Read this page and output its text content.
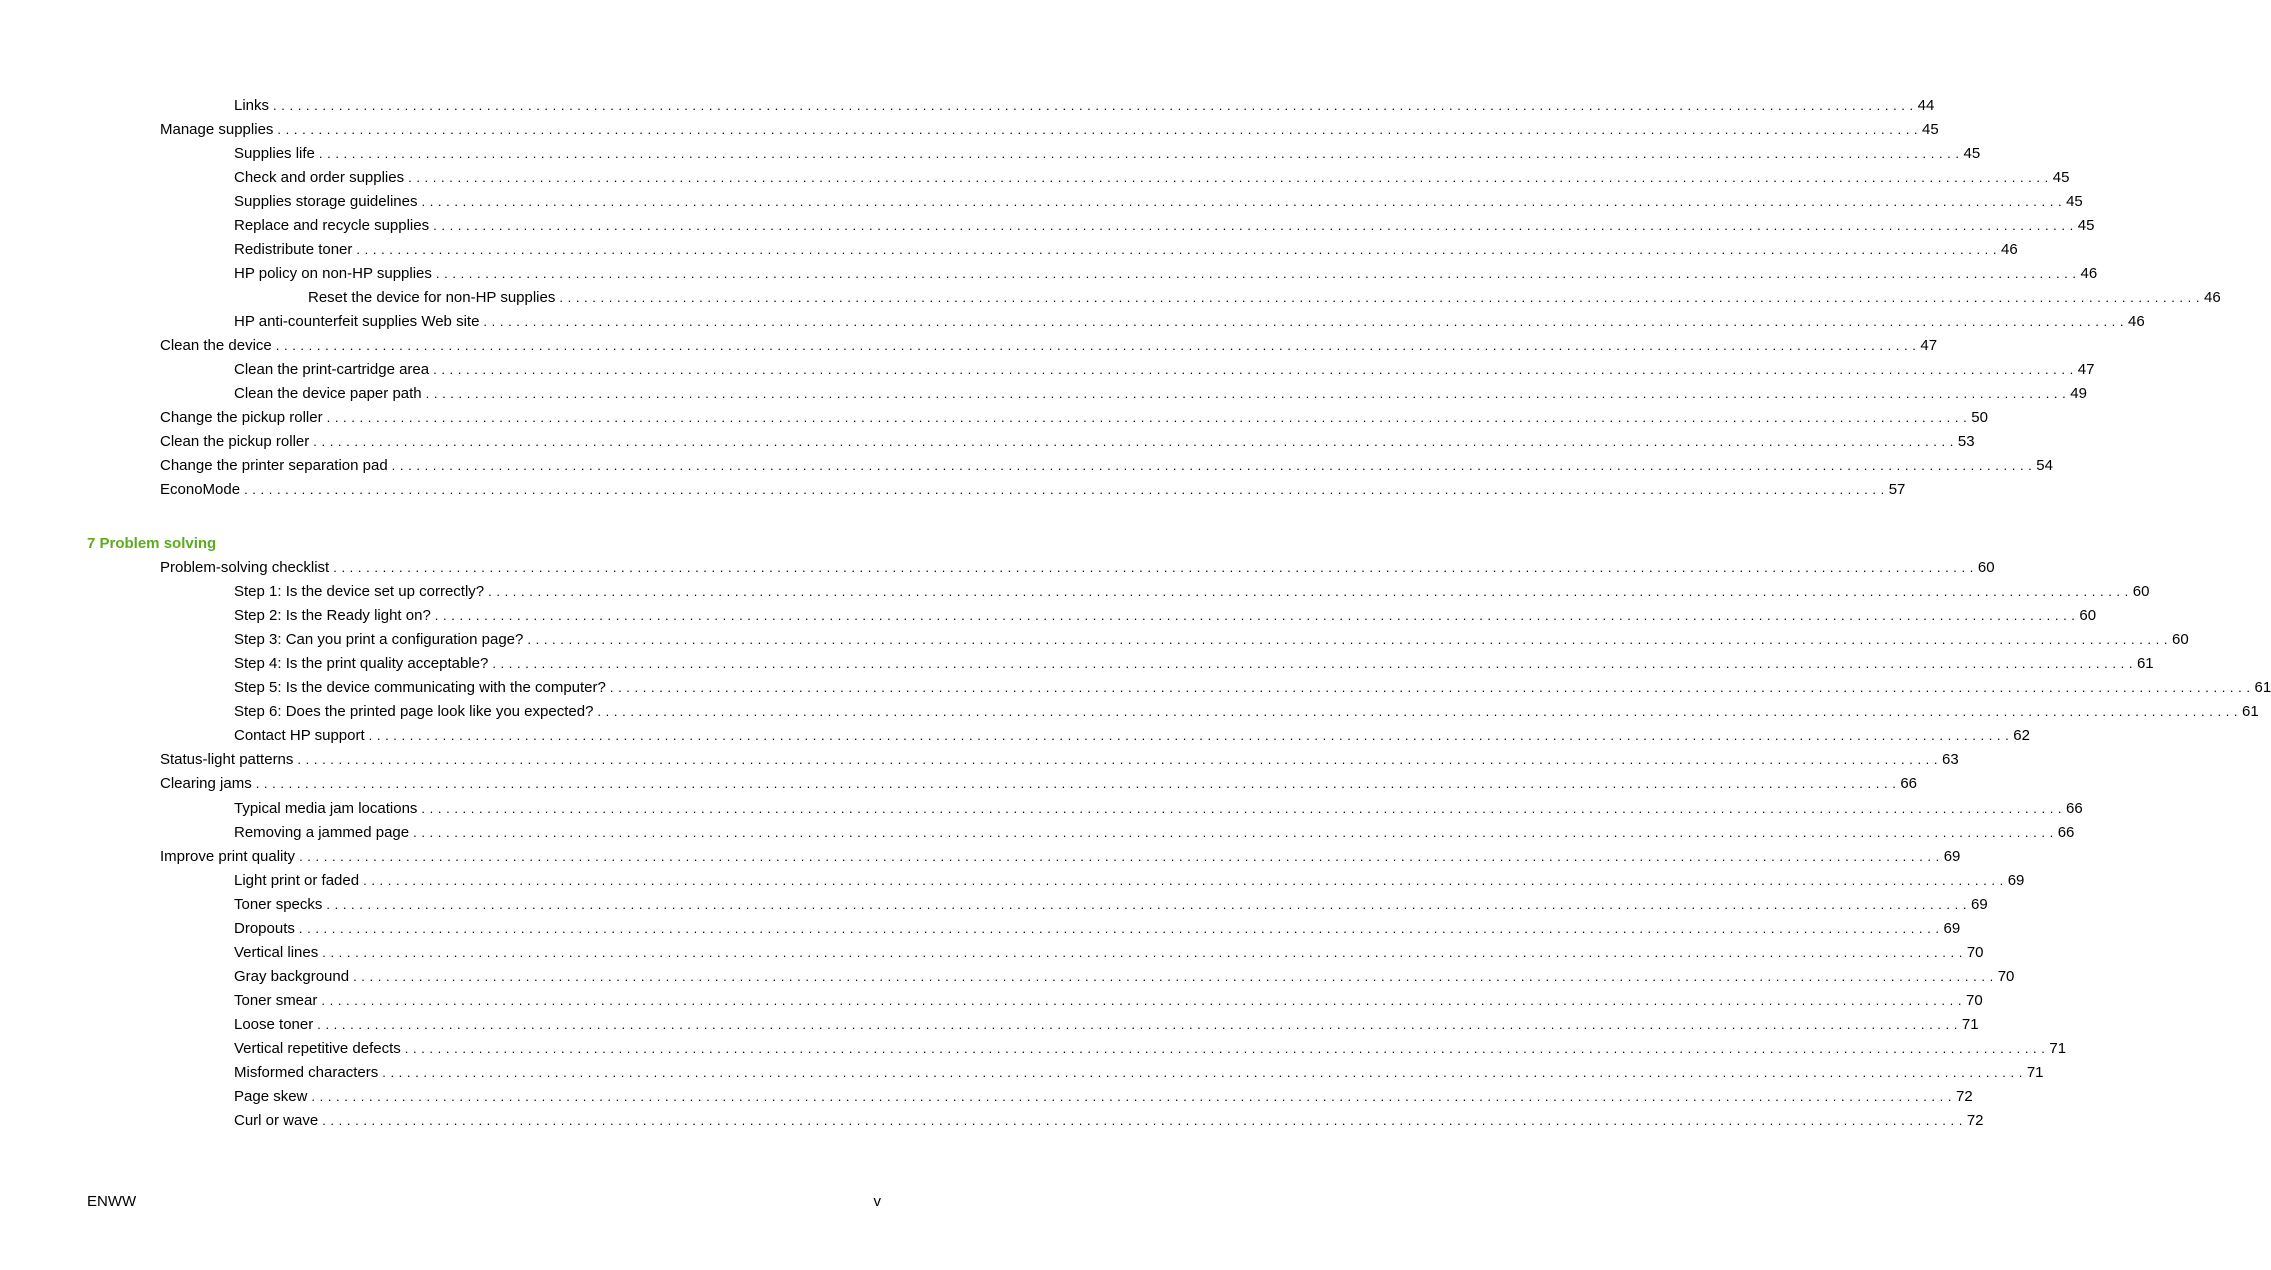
Links . . . . . . . . . . . . . . . . . . . . . . . . . . . . . . . . . . . . . . . . . . . . . . . . . . . . . . . . . . . . . . . . . . . . . . . . . . . . . . . . . . . . . . . . . . . . . . . . . . . . . . . . . . . . . . . . . . . . . . . . . . . . . . . . . . . . . . . . . . . . . . . . . . . . . . . . . . . . . . . . . . . . . . . . . . . . . . . . . . . . . . . . . . . . . . . . . . . . . . . . 44
Manage supplies . . . . . . . . . . . . . . . . . . . . . . . . . . . . . . . . . . . . . . . . . . . . . . . . . . . . . . . . . . . . . . . . . . . . . . . . . . . . . . . . . . . . . . . . . . . . . . . . . . . . . . . . . . . . . . . . . . . . . . . . . . . . . . . . . . . . . . . . . . . . . . . . . . . . . . . . . . . . . . . . . . . . . . . . . . . . . . . . . . . . . . . . . . . . . . . . . . . . . . . . 45
Supplies life . . . . . . . . . . . . . . . . . . . . . . . . . . . . . . . . . . . . . . . . . . . . . . . . . . . . . . . . . . . . . . . . . . . . . . . . . . . . . . . . . . . . . . . . . . . . . . . . . . . . . . . . . . . . . . . . . . . . . . . . . . . . . . . . . . . . . . . . . . . . . . . . . . . . . . . . . . . . . . . . . . . . . . . . . . . . . . . . . . . . . . . . . . . . . . . . . . . . . . . . 45
Check and order supplies . . . . . . . . . . . . . . . . . . . . . . . . . . . . . . . . . . . . . . . . . . . . . . . . . . . . . . . . . . . . . . . . . . . . . . . . . . . . . . . . . . . . . . . . . . . . . . . . . . . . . . . . . . . . . . . . . . . . . . . . . . . . . . . . . . . . . . . . . . . . . . . . . . . . . . . . . . . . . . . . . . . . . . . . . . . . . . . . . . . . . . . . . . . . . . . . . . . . . . . . 45
Supplies storage guidelines . . . . . . . . . . . . . . . . . . . . . . . . . . . . . . . . . . . . . . . . . . . . . . . . . . . . . . . . . . . . . . . . . . . . . . . . . . . . . . . . . . . . . . . . . . . . . . . . . . . . . . . . . . . . . . . . . . . . . . . . . . . . . . . . . . . . . . . . . . . . . . . . . . . . . . . . . . . . . . . . . . . . . . . . . . . . . . . . . . . . . . . . . . . . . . . . . . . . . . . . 45
Replace and recycle supplies . . . . . . . . . . . . . . . . . . . . . . . . . . . . . . . . . . . . . . . . . . . . . . . . . . . . . . . . . . . . . . . . . . . . . . . . . . . . . . . . . . . . . . . . . . . . . . . . . . . . . . . . . . . . . . . . . . . . . . . . . . . . . . . . . . . . . . . . . . . . . . . . . . . . . . . . . . . . . . . . . . . . . . . . . . . . . . . . . . . . . . . . . . . . . . . . . . . . . . . . 45
Redistribute toner . . . . . . . . . . . . . . . . . . . . . . . . . . . . . . . . . . . . . . . . . . . . . . . . . . . . . . . . . . . . . . . . . . . . . . . . . . . . . . . . . . . . . . . . . . . . . . . . . . . . . . . . . . . . . . . . . . . . . . . . . . . . . . . . . . . . . . . . . . . . . . . . . . . . . . . . . . . . . . . . . . . . . . . . . . . . . . . . . . . . . . . . . . . . . . . . . . . . . . . . 46
HP policy on non-HP supplies . . . . . . . . . . . . . . . . . . . . . . . . . . . . . . . . . . . . . . . . . . . . . . . . . . . . . . . . . . . . . . . . . . . . . . . . . . . . . . . . . . . . . . . . . . . . . . . . . . . . . . . . . . . . . . . . . . . . . . . . . . . . . . . . . . . . . . . . . . . . . . . . . . . . . . . . . . . . . . . . . . . . . . . . . . . . . . . . . . . . . . . . . . . . . . . . . . . . . . . . 46
Reset the device for non-HP supplies . . . . . . . . . . . . . . . . . . . . . . . . . . . . . . . . . . . . . . . . . . . . . . . . . . . . . . . . . . . . . . . . . . . . . . . . . . . . . . . . . . . . . . . . . . . . . . . . . . . . . . . . . . . . . . . . . . . . . . . . . . . . . . . . . . . . . . . . . . . . . . . . . . . . . . . . . . . . . . . . . . . . . . . . . . . . . . . . . . . . . . . . . . . . . . . . . . . . . . . . 46
HP anti-counterfeit supplies Web site . . . . . . . . . . . . . . . . . . . . . . . . . . . . . . . . . . . . . . . . . . . . . . . . . . . . . . . . . . . . . . . . . . . . . . . . . . . . . . . . . . . . . . . . . . . . . . . . . . . . . . . . . . . . . . . . . . . . . . . . . . . . . . . . . . . . . . . . . . . . . . . . . . . . . . . . . . . . . . . . . . . . . . . . . . . . . . . . . . . . . . . . . . . . . . . . . . . . . . . . 46
Clean the device . . . . . . . . . . . . . . . . . . . . . . . . . . . . . . . . . . . . . . . . . . . . . . . . . . . . . . . . . . . . . . . . . . . . . . . . . . . . . . . . . . . . . . . . . . . . . . . . . . . . . . . . . . . . . . . . . . . . . . . . . . . . . . . . . . . . . . . . . . . . . . . . . . . . . . . . . . . . . . . . . . . . . . . . . . . . . . . . . . . . . . . . . . . . . . . . . . . . . . . . 47
Clean the print-cartridge area . . . . . . . . . . . . . . . . . . . . . . . . . . . . . . . . . . . . . . . . . . . . . . . . . . . . . . . . . . . . . . . . . . . . . . . . . . . . . . . . . . . . . . . . . . . . . . . . . . . . . . . . . . . . . . . . . . . . . . . . . . . . . . . . . . . . . . . . . . . . . . . . . . . . . . . . . . . . . . . . . . . . . . . . . . . . . . . . . . . . . . . . . . . . . . . . . . . . . . . . 47
Clean the device paper path . . . . . . . . . . . . . . . . . . . . . . . . . . . . . . . . . . . . . . . . . . . . . . . . . . . . . . . . . . . . . . . . . . . . . . . . . . . . . . . . . . . . . . . . . . . . . . . . . . . . . . . . . . . . . . . . . . . . . . . . . . . . . . . . . . . . . . . . . . . . . . . . . . . . . . . . . . . . . . . . . . . . . . . . . . . . . . . . . . . . . . . . . . . . . . . . . . . . . . . . 49
Change the pickup roller . . . . . . . . . . . . . . . . . . . . . . . . . . . . . . . . . . . . . . . . . . . . . . . . . . . . . . . . . . . . . . . . . . . . . . . . . . . . . . . . . . . . . . . . . . . . . . . . . . . . . . . . . . . . . . . . . . . . . . . . . . . . . . . . . . . . . . . . . . . . . . . . . . . . . . . . . . . . . . . . . . . . . . . . . . . . . . . . . . . . . . . . . . . . . . . . . . . . . . . . 50
Clean the pickup roller . . . . . . . . . . . . . . . . . . . . . . . . . . . . . . . . . . . . . . . . . . . . . . . . . . . . . . . . . . . . . . . . . . . . . . . . . . . . . . . . . . . . . . . . . . . . . . . . . . . . . . . . . . . . . . . . . . . . . . . . . . . . . . . . . . . . . . . . . . . . . . . . . . . . . . . . . . . . . . . . . . . . . . . . . . . . . . . . . . . . . . . . . . . . . . . . . . . . . . . . 53
Change the printer separation pad . . . . . . . . . . . . . . . . . . . . . . . . . . . . . . . . . . . . . . . . . . . . . . . . . . . . . . . . . . . . . . . . . . . . . . . . . . . . . . . . . . . . . . . . . . . . . . . . . . . . . . . . . . . . . . . . . . . . . . . . . . . . . . . . . . . . . . . . . . . . . . . . . . . . . . . . . . . . . . . . . . . . . . . . . . . . . . . . . . . . . . . . . . . . . . . . . . . . . . . . 54
EconoMode . . . . . . . . . . . . . . . . . . . . . . . . . . . . . . . . . . . . . . . . . . . . . . . . . . . . . . . . . . . . . . . . . . . . . . . . . . . . . . . . . . . . . . . . . . . . . . . . . . . . . . . . . . . . . . . . . . . . . . . . . . . . . . . . . . . . . . . . . . . . . . . . . . . . . . . . . . . . . . . . . . . . . . . . . . . . . . . . . . . . . . . . . . . . . . . . . . . . . . . . 57
7 Problem solving
Problem-solving checklist . . . . . . . . . . . . . . . . . . . . . . . . . . . . . . . . . . . . . . . . . . . . . . . . . . . . . . . . . . . . . . . . . . . . . . . . . . . . . . . . . . . . . . . . . . . . . . . . . . . . . . . . . . . . . . . . . . . . . . . . . . . . . . . . . . . . . . . . . . . . . . . . . . . . . . . . . . . . . . . . . . . . . . . . . . . . . . . . . . . . . . . . . . . . . . . . . . . . . . . . 60
Step 1: Is the device set up correctly? . . . . . . . . . . . . . . . . . . . . . . . . . . . . . . . . . . . . . . . . . . . . . . . . . . . . . . . . . . . . . . . . . . . . . . . . . . . . . . . . . . . . . . . . . . . . . . . . . . . . . . . . . . . . . . . . . . . . . . . . . . . . . . . . . . . . . . . . . . . . . . . . . . . . . . . . . . . . . . . . . . . . . . . . . . . . . . . . . . . . . . . . . . . . . . . . . . . . . . . . 60
Step 2: Is the Ready light on? . . . . . . . . . . . . . . . . . . . . . . . . . . . . . . . . . . . . . . . . . . . . . . . . . . . . . . . . . . . . . . . . . . . . . . . . . . . . . . . . . . . . . . . . . . . . . . . . . . . . . . . . . . . . . . . . . . . . . . . . . . . . . . . . . . . . . . . . . . . . . . . . . . . . . . . . . . . . . . . . . . . . . . . . . . . . . . . . . . . . . . . . . . . . . . . . . . . . . . . . 60
Step 3: Can you print a configuration page? . . . . . . . . . . . . . . . . . . . . . . . . . . . . . . . . . . . . . . . . . . . . . . . . . . . . . . . . . . . . . . . . . . . . . . . . . . . . . . . . . . . . . . . . . . . . . . . . . . . . . . . . . . . . . . . . . . . . . . . . . . . . . . . . . . . . . . . . . . . . . . . . . . . . . . . . . . . . . . . . . . . . . . . . . . . . . . . . . . . . . . . . . . . . . . . . . . . . . . . . 60
Step 4: Is the print quality acceptable? . . . . . . . . . . . . . . . . . . . . . . . . . . . . . . . . . . . . . . . . . . . . . . . . . . . . . . . . . . . . . . . . . . . . . . . . . . . . . . . . . . . . . . . . . . . . . . . . . . . . . . . . . . . . . . . . . . . . . . . . . . . . . . . . . . . . . . . . . . . . . . . . . . . . . . . . . . . . . . . . . . . . . . . . . . . . . . . . . . . . . . . . . . . . . . . . . . . . . . . . 61
Step 5: Is the device communicating with the computer? . . . . . . . . . . . . . . . . . . . . . . . . . . . . . . . . . . . . . . . . . . . . . . . . . . . . . . . . . . . . . . . . . . . . . . . . . . . . . . . . . . . . . . . . . . . . . . . . . . . . . . . . . . . . . . . . . . . . . . . . . . . . . . . . . . . . . . . . . . . . . . . . . . . . . . . . . . . . . . . . . . . . . . . . . . . . . . . . . . . . . . . . . . . . . . . . . . . . . . . . 61
Step 6: Does the printed page look like you expected? . . . . . . . . . . . . . . . . . . . . . . . . . . . . . . . . . . . . . . . . . . . . . . . . . . . . . . . . . . . . . . . . . . . . . . . . . . . . . . . . . . . . . . . . . . . . . . . . . . . . . . . . . . . . . . . . . . . . . . . . . . . . . . . . . . . . . . . . . . . . . . . . . . . . . . . . . . . . . . . . . . . . . . . . . . . . . . . . . . . . . . . . . . . . . . . . . . . . . . . . 61
Contact HP support . . . . . . . . . . . . . . . . . . . . . . . . . . . . . . . . . . . . . . . . . . . . . . . . . . . . . . . . . . . . . . . . . . . . . . . . . . . . . . . . . . . . . . . . . . . . . . . . . . . . . . . . . . . . . . . . . . . . . . . . . . . . . . . . . . . . . . . . . . . . . . . . . . . . . . . . . . . . . . . . . . . . . . . . . . . . . . . . . . . . . . . . . . . . . . . . . . . . . . . . 62
Status-light patterns . . . . . . . . . . . . . . . . . . . . . . . . . . . . . . . . . . . . . . . . . . . . . . . . . . . . . . . . . . . . . . . . . . . . . . . . . . . . . . . . . . . . . . . . . . . . . . . . . . . . . . . . . . . . . . . . . . . . . . . . . . . . . . . . . . . . . . . . . . . . . . . . . . . . . . . . . . . . . . . . . . . . . . . . . . . . . . . . . . . . . . . . . . . . . . . . . . . . . . . . 63
Clearing jams . . . . . . . . . . . . . . . . . . . . . . . . . . . . . . . . . . . . . . . . . . . . . . . . . . . . . . . . . . . . . . . . . . . . . . . . . . . . . . . . . . . . . . . . . . . . . . . . . . . . . . . . . . . . . . . . . . . . . . . . . . . . . . . . . . . . . . . . . . . . . . . . . . . . . . . . . . . . . . . . . . . . . . . . . . . . . . . . . . . . . . . . . . . . . . . . . . . . . . . . 66
Typical media jam locations . . . . . . . . . . . . . . . . . . . . . . . . . . . . . . . . . . . . . . . . . . . . . . . . . . . . . . . . . . . . . . . . . . . . . . . . . . . . . . . . . . . . . . . . . . . . . . . . . . . . . . . . . . . . . . . . . . . . . . . . . . . . . . . . . . . . . . . . . . . . . . . . . . . . . . . . . . . . . . . . . . . . . . . . . . . . . . . . . . . . . . . . . . . . . . . . . . . . . . . . 66
Removing a jammed page . . . . . . . . . . . . . . . . . . . . . . . . . . . . . . . . . . . . . . . . . . . . . . . . . . . . . . . . . . . . . . . . . . . . . . . . . . . . . . . . . . . . . . . . . . . . . . . . . . . . . . . . . . . . . . . . . . . . . . . . . . . . . . . . . . . . . . . . . . . . . . . . . . . . . . . . . . . . . . . . . . . . . . . . . . . . . . . . . . . . . . . . . . . . . . . . . . . . . . . . 66
Improve print quality . . . . . . . . . . . . . . . . . . . . . . . . . . . . . . . . . . . . . . . . . . . . . . . . . . . . . . . . . . . . . . . . . . . . . . . . . . . . . . . . . . . . . . . . . . . . . . . . . . . . . . . . . . . . . . . . . . . . . . . . . . . . . . . . . . . . . . . . . . . . . . . . . . . . . . . . . . . . . . . . . . . . . . . . . . . . . . . . . . . . . . . . . . . . . . . . . . . . . . . . 69
Light print or faded . . . . . . . . . . . . . . . . . . . . . . . . . . . . . . . . . . . . . . . . . . . . . . . . . . . . . . . . . . . . . . . . . . . . . . . . . . . . . . . . . . . . . . . . . . . . . . . . . . . . . . . . . . . . . . . . . . . . . . . . . . . . . . . . . . . . . . . . . . . . . . . . . . . . . . . . . . . . . . . . . . . . . . . . . . . . . . . . . . . . . . . . . . . . . . . . . . . . . . . . 69
Toner specks . . . . . . . . . . . . . . . . . . . . . . . . . . . . . . . . . . . . . . . . . . . . . . . . . . . . . . . . . . . . . . . . . . . . . . . . . . . . . . . . . . . . . . . . . . . . . . . . . . . . . . . . . . . . . . . . . . . . . . . . . . . . . . . . . . . . . . . . . . . . . . . . . . . . . . . . . . . . . . . . . . . . . . . . . . . . . . . . . . . . . . . . . . . . . . . . . . . . . . . . 69
Dropouts . . . . . . . . . . . . . . . . . . . . . . . . . . . . . . . . . . . . . . . . . . . . . . . . . . . . . . . . . . . . . . . . . . . . . . . . . . . . . . . . . . . . . . . . . . . . . . . . . . . . . . . . . . . . . . . . . . . . . . . . . . . . . . . . . . . . . . . . . . . . . . . . . . . . . . . . . . . . . . . . . . . . . . . . . . . . . . . . . . . . . . . . . . . . . . . . . . . . . . . . 69
Vertical lines . . . . . . . . . . . . . . . . . . . . . . . . . . . . . . . . . . . . . . . . . . . . . . . . . . . . . . . . . . . . . . . . . . . . . . . . . . . . . . . . . . . . . . . . . . . . . . . . . . . . . . . . . . . . . . . . . . . . . . . . . . . . . . . . . . . . . . . . . . . . . . . . . . . . . . . . . . . . . . . . . . . . . . . . . . . . . . . . . . . . . . . . . . . . . . . . . . . . . . . . 70
Gray background . . . . . . . . . . . . . . . . . . . . . . . . . . . . . . . . . . . . . . . . . . . . . . . . . . . . . . . . . . . . . . . . . . . . . . . . . . . . . . . . . . . . . . . . . . . . . . . . . . . . . . . . . . . . . . . . . . . . . . . . . . . . . . . . . . . . . . . . . . . . . . . . . . . . . . . . . . . . . . . . . . . . . . . . . . . . . . . . . . . . . . . . . . . . . . . . . . . . . . . . 70
Toner smear . . . . . . . . . . . . . . . . . . . . . . . . . . . . . . . . . . . . . . . . . . . . . . . . . . . . . . . . . . . . . . . . . . . . . . . . . . . . . . . . . . . . . . . . . . . . . . . . . . . . . . . . . . . . . . . . . . . . . . . . . . . . . . . . . . . . . . . . . . . . . . . . . . . . . . . . . . . . . . . . . . . . . . . . . . . . . . . . . . . . . . . . . . . . . . . . . . . . . . . . 70
Loose toner . . . . . . . . . . . . . . . . . . . . . . . . . . . . . . . . . . . . . . . . . . . . . . . . . . . . . . . . . . . . . . . . . . . . . . . . . . . . . . . . . . . . . . . . . . . . . . . . . . . . . . . . . . . . . . . . . . . . . . . . . . . . . . . . . . . . . . . . . . . . . . . . . . . . . . . . . . . . . . . . . . . . . . . . . . . . . . . . . . . . . . . . . . . . . . . . . . . . . . . . 71
Vertical repetitive defects . . . . . . . . . . . . . . . . . . . . . . . . . . . . . . . . . . . . . . . . . . . . . . . . . . . . . . . . . . . . . . . . . . . . . . . . . . . . . . . . . . . . . . . . . . . . . . . . . . . . . . . . . . . . . . . . . . . . . . . . . . . . . . . . . . . . . . . . . . . . . . . . . . . . . . . . . . . . . . . . . . . . . . . . . . . . . . . . . . . . . . . . . . . . . . . . . . . . . . . . 71
Misformed characters . . . . . . . . . . . . . . . . . . . . . . . . . . . . . . . . . . . . . . . . . . . . . . . . . . . . . . . . . . . . . . . . . . . . . . . . . . . . . . . . . . . . . . . . . . . . . . . . . . . . . . . . . . . . . . . . . . . . . . . . . . . . . . . . . . . . . . . . . . . . . . . . . . . . . . . . . . . . . . . . . . . . . . . . . . . . . . . . . . . . . . . . . . . . . . . . . . . . . . . . 71
Page skew . . . . . . . . . . . . . . . . . . . . . . . . . . . . . . . . . . . . . . . . . . . . . . . . . . . . . . . . . . . . . . . . . . . . . . . . . . . . . . . . . . . . . . . . . . . . . . . . . . . . . . . . . . . . . . . . . . . . . . . . . . . . . . . . . . . . . . . . . . . . . . . . . . . . . . . . . . . . . . . . . . . . . . . . . . . . . . . . . . . . . . . . . . . . . . . . . . . . . . . . 72
Curl or wave . . . . . . . . . . . . . . . . . . . . . . . . . . . . . . . . . . . . . . . . . . . . . . . . . . . . . . . . . . . . . . . . . . . . . . . . . . . . . . . . . . . . . . . . . . . . . . . . . . . . . . . . . . . . . . . . . . . . . . . . . . . . . . . . . . . . . . . . . . . . . . . . . . . . . . . . . . . . . . . . . . . . . . . . . . . . . . . . . . . . . . . . . . . . . . . . . . . . . . . . 72
ENWW	v
